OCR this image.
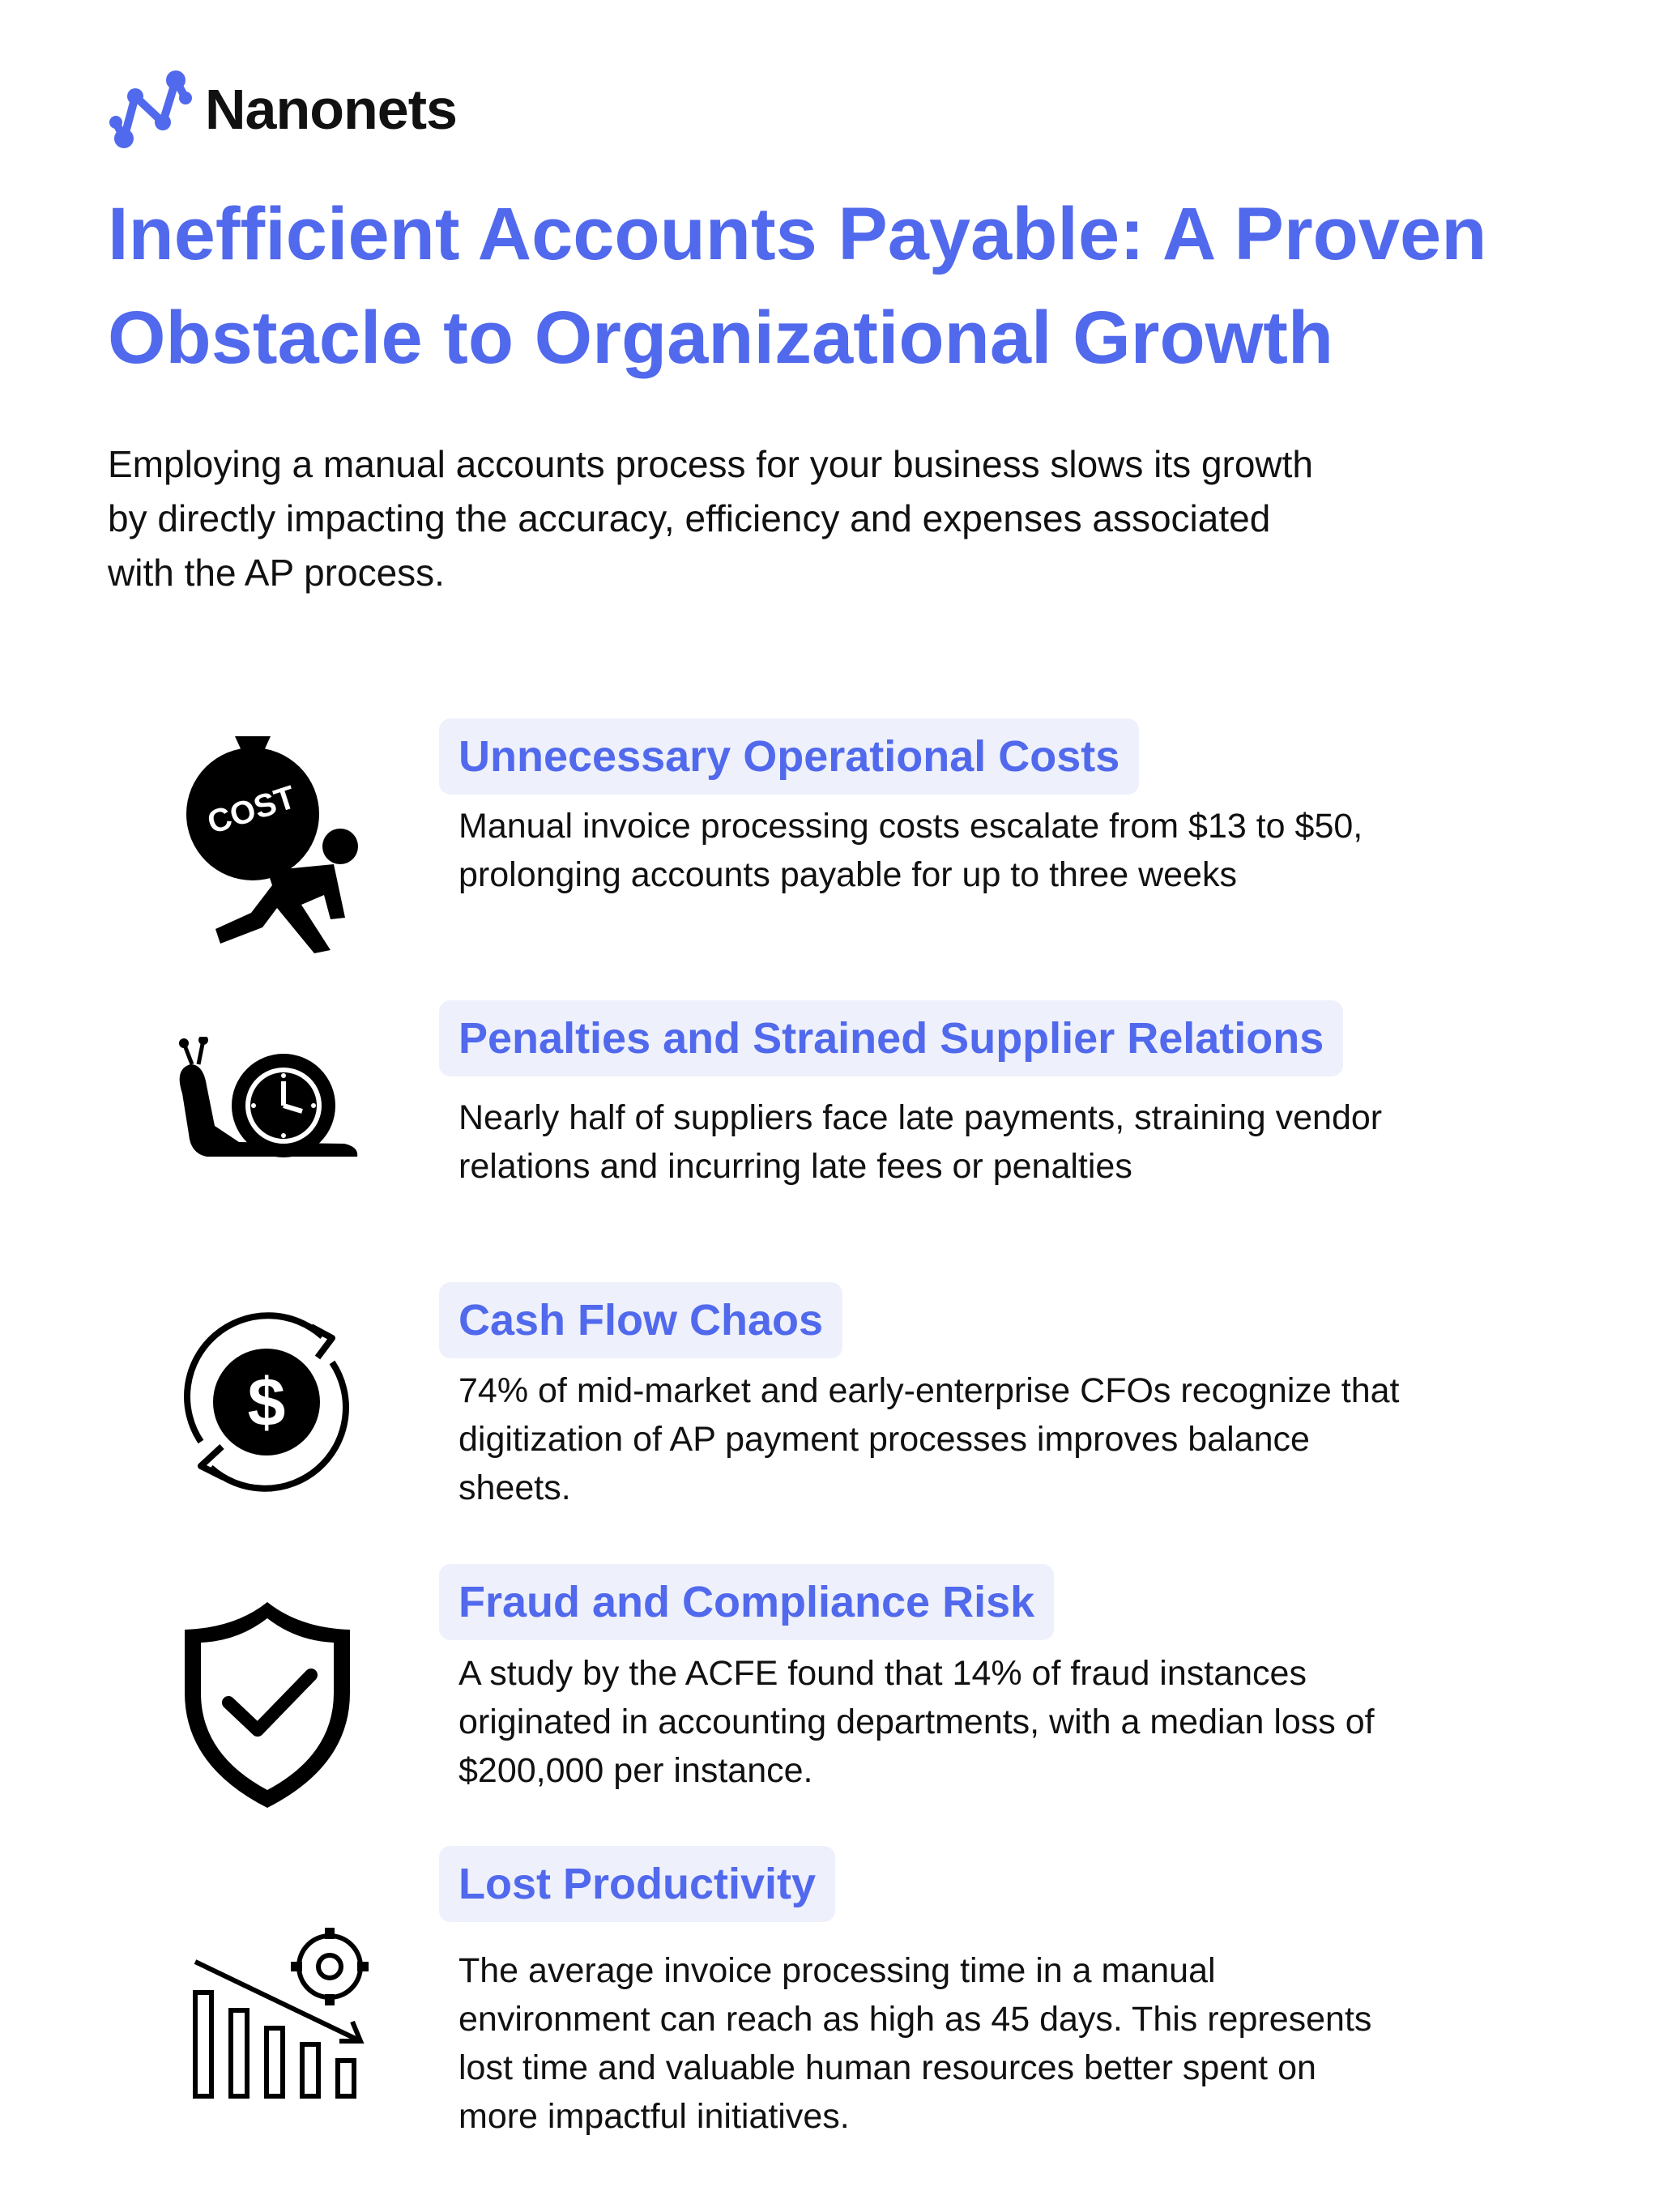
Nanonets
Inefficient Accounts Payable: A Proven
Obstacle to Organizational Growth

Employing a manual accounts process for your business slows its growth
by directly impacting the accuracy, efficiency and expenses associated
with the AP process.

COST
Unnecessary Operational Costs

Manual invoice processing costs escalate from $13 to $50,
prolonging accounts payable for up to three weeks

Penalties and Strained Supplier Relations

Nearly half of suppliers face late payments, straining vendor
relations and incurring late fees or penalties

$
Cash Flow Chaos

74% of mid-market and early-enterprise CFOs recognize that
digitization of AP payment processes improves balance
sheets.

Fraud and Compliance Risk

A study by the ACFE found that 14% of fraud instances
originated in accounting departments, with a median loss of
$200,000 per instance.

Lost Productivity

The average invoice processing time in a manual
environment can reach as high as 45 days. This represents
lost time and valuable human resources better spent on
more impactful initiatives.
